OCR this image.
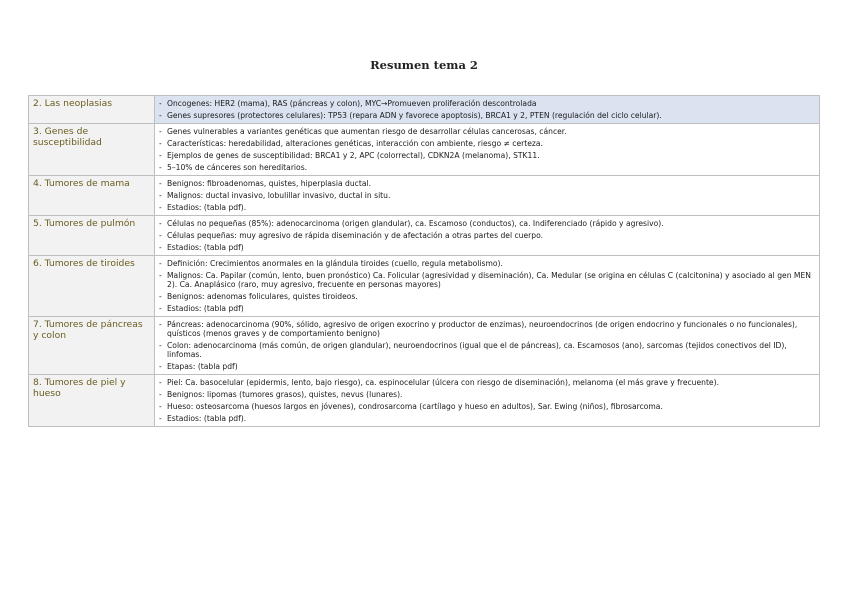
Resumen tema 2
2. Las neoplasias	- Oncogenes: HER2 (mama), RAS (páncreas y colon), MYC→Promueven proliferación descontrolada
- Genes supresores (protectores celulares): TP53 (repara ADN y favorece apoptosis), BRCA1 y 2, PTEN (regulación del ciclo celular).

3. Genes de susceptibilidad	- Genes vulnerables a variantes genéticas que aumentan riesgo de desarrollar células cancerosas, cáncer.
- Características: heredabilidad, alteraciones genéticas, interacción con ambiente, riesgo ≠ certeza.
- Ejemplos de genes de susceptibilidad: BRCA1 y 2, APC (colorrectal), CDKN2A (melanoma), STK11.
- 5–10% de cánceres son hereditarios.

4. Tumores de mama	- Benignos: fibroadenomas, quistes, hiperplasia ductal.
- Malignos: ductal invasivo, lobulillar invasivo, ductal in situ.
- Estadios: (tabla pdf).

5. Tumores de pulmón	- Células no pequeñas (85%): adenocarcinoma (origen glandular), ca. Escamoso (conductos), ca. Indiferenciado (rápido y agresivo).
- Células pequeñas: muy agresivo de rápida diseminación y de afectación a otras partes del cuerpo.
- Estadios: (tabla pdf)

6. Tumores de tiroides	- Definición: Crecimientos anormales en la glándula tiroides (cuello, regula metabolismo).
- Malignos: Ca. Papilar (común, lento, buen pronóstico) Ca. Folicular (agresividad y diseminación), Ca. Medular (se origina en células C (calcitonina) y asociado al gen MEN 2). Ca. Anaplásico (raro, muy agresivo, frecuente en personas mayores)
- Benignos: adenomas foliculares, quistes tiroideos.
- Estadios: (tabla pdf)

7. Tumores de páncreas y colon	- Páncreas: adenocarcinoma (90%, sólido, agresivo de origen exocrino y productor de enzimas), neuroendocrinos (de origen endocrino y funcionales o no funcionales), quísticos (menos graves y de comportamiento benigno)
- Colon: adenocarcinoma (más común, de origen glandular), neuroendocrinos (igual que el de páncreas), ca. Escamosos (ano), sarcomas (tejidos conectivos del ID), linfomas.
- Etapas: (tabla pdf)

8. Tumores de piel y hueso	- Piel: Ca. basocelular (epidermis, lento, bajo riesgo), ca. espinocelular (úlcera con riesgo de diseminación), melanoma (el más grave y frecuente).
- Benignos: lipomas (tumores grasos), quistes, nevus (lunares).
- Hueso: osteosarcoma (huesos largos en jóvenes), condrosarcoma (cartílago y hueso en adultos), Sar. Ewing (niños), fibrosarcoma.
- Estadios: (tabla pdf).
